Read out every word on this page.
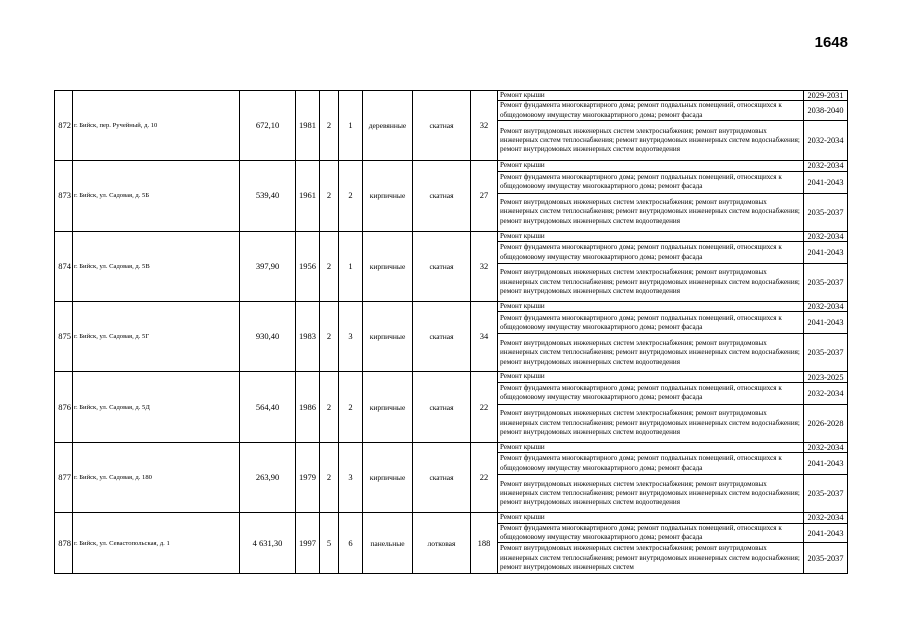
1648
872	г. Бийск, пер. Ручейный, д. 10	672,10	1981	2	1	деревянные	скатная	32	Ремонт крыши	2029-2031
									Ремонт фундамента многоквартирного дома; ремонт подвальных помещений, относящихся к общедомовому имуществу многоквартирного дома; ремонт фасада	2038-2040
									Ремонт внутридомовых инженерных систем электроснабжения; ремонт внутридомовых инженерных систем теплоснабжения; ремонт внутридомовых инженерных систем водоснабжения; ремонт внутридомовых инженерных систем водоотведения	2032-2034
873	г. Бийск, ул. Садовая, д. 5Б	539,40	1961	2	2	кирпичные	скатная	27	Ремонт крыши	2032-2034
									Ремонт фундамента многоквартирного дома; ремонт подвальных помещений, относящихся к общедомовому имуществу многоквартирного дома; ремонт фасада	2041-2043
									Ремонт внутридомовых инженерных систем электроснабжения; ремонт внутридомовых инженерных систем теплоснабжения; ремонт внутридомовых инженерных систем водоснабжения; ремонт внутридомовых инженерных систем водоотведения	2035-2037
874	г. Бийск, ул. Садовая, д. 5В	397,90	1956	2	1	кирпичные	скатная	32	Ремонт крыши	2032-2034
									Ремонт фундамента многоквартирного дома; ремонт подвальных помещений, относящихся к общедомовому имуществу многоквартирного дома; ремонт фасада	2041-2043
									Ремонт внутридомовых инженерных систем электроснабжения; ремонт внутридомовых инженерных систем теплоснабжения; ремонт внутридомовых инженерных систем водоснабжения; ремонт внутридомовых инженерных систем водоотведения	2035-2037
875	г. Бийск, ул. Садовая, д. 5Г	930,40	1983	2	3	кирпичные	скатная	34	Ремонт крыши	2032-2034
									Ремонт фундамента многоквартирного дома; ремонт подвальных помещений, относящихся к общедомовому имуществу многоквартирного дома; ремонт фасада	2041-2043
									Ремонт внутридомовых инженерных систем электроснабжения; ремонт внутридомовых инженерных систем теплоснабжения; ремонт внутридомовых инженерных систем водоснабжения; ремонт внутридомовых инженерных систем водоотведения	2035-2037
876	г. Бийск, ул. Садовая, д. 5Д	564,40	1986	2	2	кирпичные	скатная	22	Ремонт крыши	2023-2025
									Ремонт фундамента многоквартирного дома; ремонт подвальных помещений, относящихся к общедомовому имуществу многоквартирного дома; ремонт фасада	2032-2034
									Ремонт внутридомовых инженерных систем электроснабжения; ремонт внутридомовых инженерных систем теплоснабжения; ремонт внутридомовых инженерных систем водоснабжения; ремонт внутридомовых инженерных систем водоотведения	2026-2028
877	г. Бийск, ул. Садовая, д. 180	263,90	1979	2	3	кирпичные	скатная	22	Ремонт крыши	2032-2034
									Ремонт фундамента многоквартирного дома; ремонт подвальных помещений, относящихся к общедомовому имуществу многоквартирного дома; ремонт фасада	2041-2043
									Ремонт внутридомовых инженерных систем электроснабжения; ремонт внутридомовых инженерных систем теплоснабжения; ремонт внутридомовых инженерных систем водоснабжения; ремонт внутридомовых инженерных систем водоотведения	2035-2037
878	г. Бийск, ул. Севастопольская, д. 1	4 631,30	1997	5	6	панельные	лотковая	188	Ремонт крыши	2032-2034
									Ремонт фундамента многоквартирного дома; ремонт подвальных помещений, относящихся к общедомовому имуществу многоквартирного дома; ремонт фасада	2041-2043
									Ремонт внутридомовых инженерных систем электроснабжения; ремонт внутридомовых инженерных систем теплоснабжения; ремонт внутридомовых инженерных систем водоснабжения; ремонт внутридомовых инженерных систем	2035-2037
